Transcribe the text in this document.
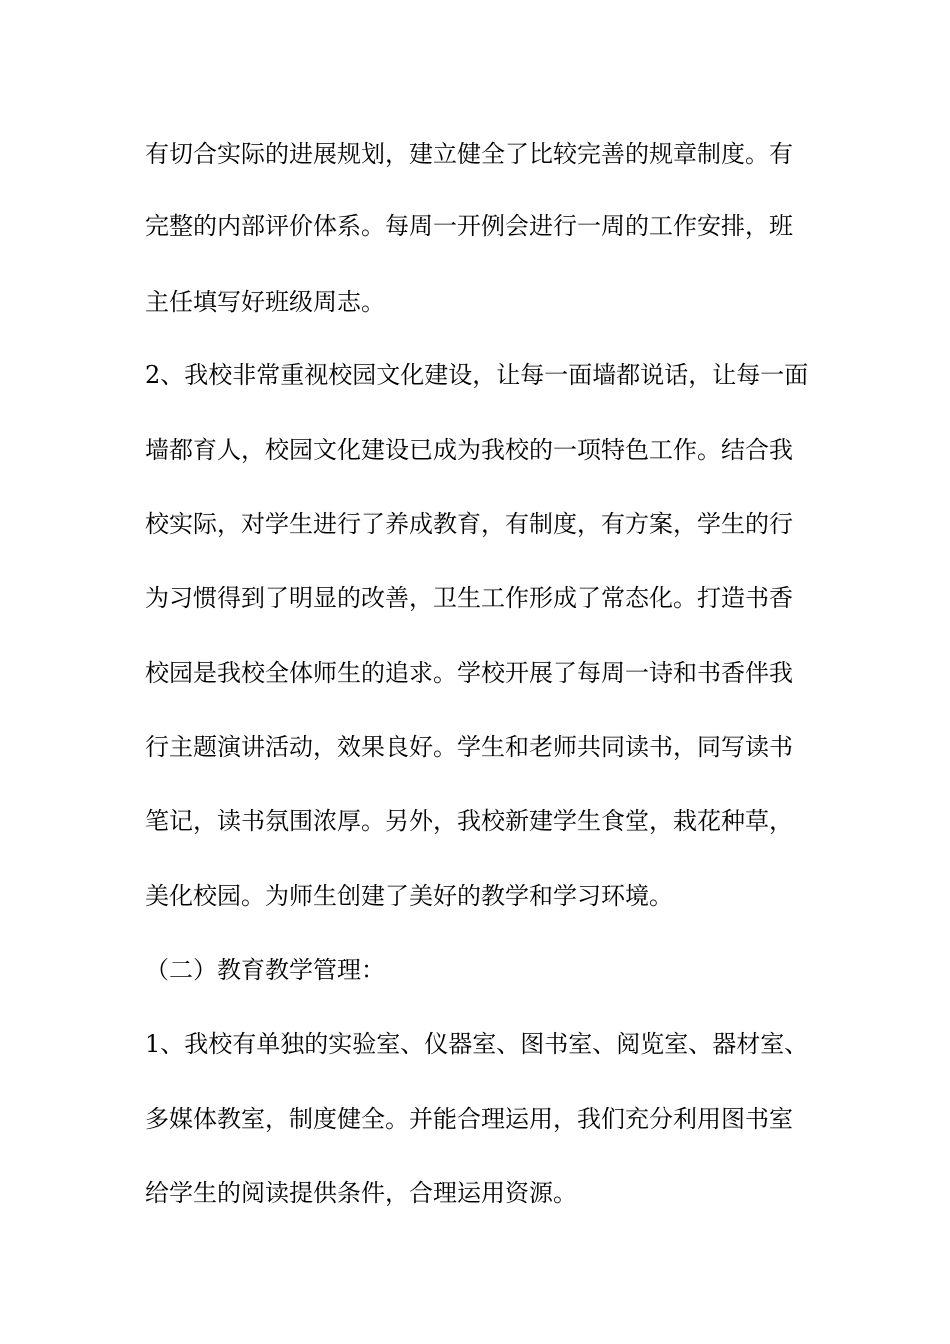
有切合实际的进展规划，建立健全了比较完善的规章制度。有
完整的内部评价体系。每周一开例会进行一周的工作安排，班
主任填写好班级周志。
2、我校非常重视校园文化建设，让每一面墙都说话，让每一面
墙都育人，校园文化建设已成为我校的一项特色工作。结合我
校实际，对学生进行了养成教育，有制度，有方案，学生的行
为习惯得到了明显的改善，卫生工作形成了常态化。打造书香
校园是我校全体师生的追求。学校开展了每周一诗和书香伴我
行主题演讲活动，效果良好。学生和老师共同读书，同写读书
笔记，读书氛围浓厚。另外，我校新建学生食堂，栽花种草，
美化校园。为师生创建了美好的教学和学习环境。
（二）教育教学管理：
1、我校有单独的实验室、仪器室、图书室、阅览室、器材室、
多媒体教室，制度健全。并能合理运用，我们充分利用图书室
给学生的阅读提供条件，合理运用资源。
